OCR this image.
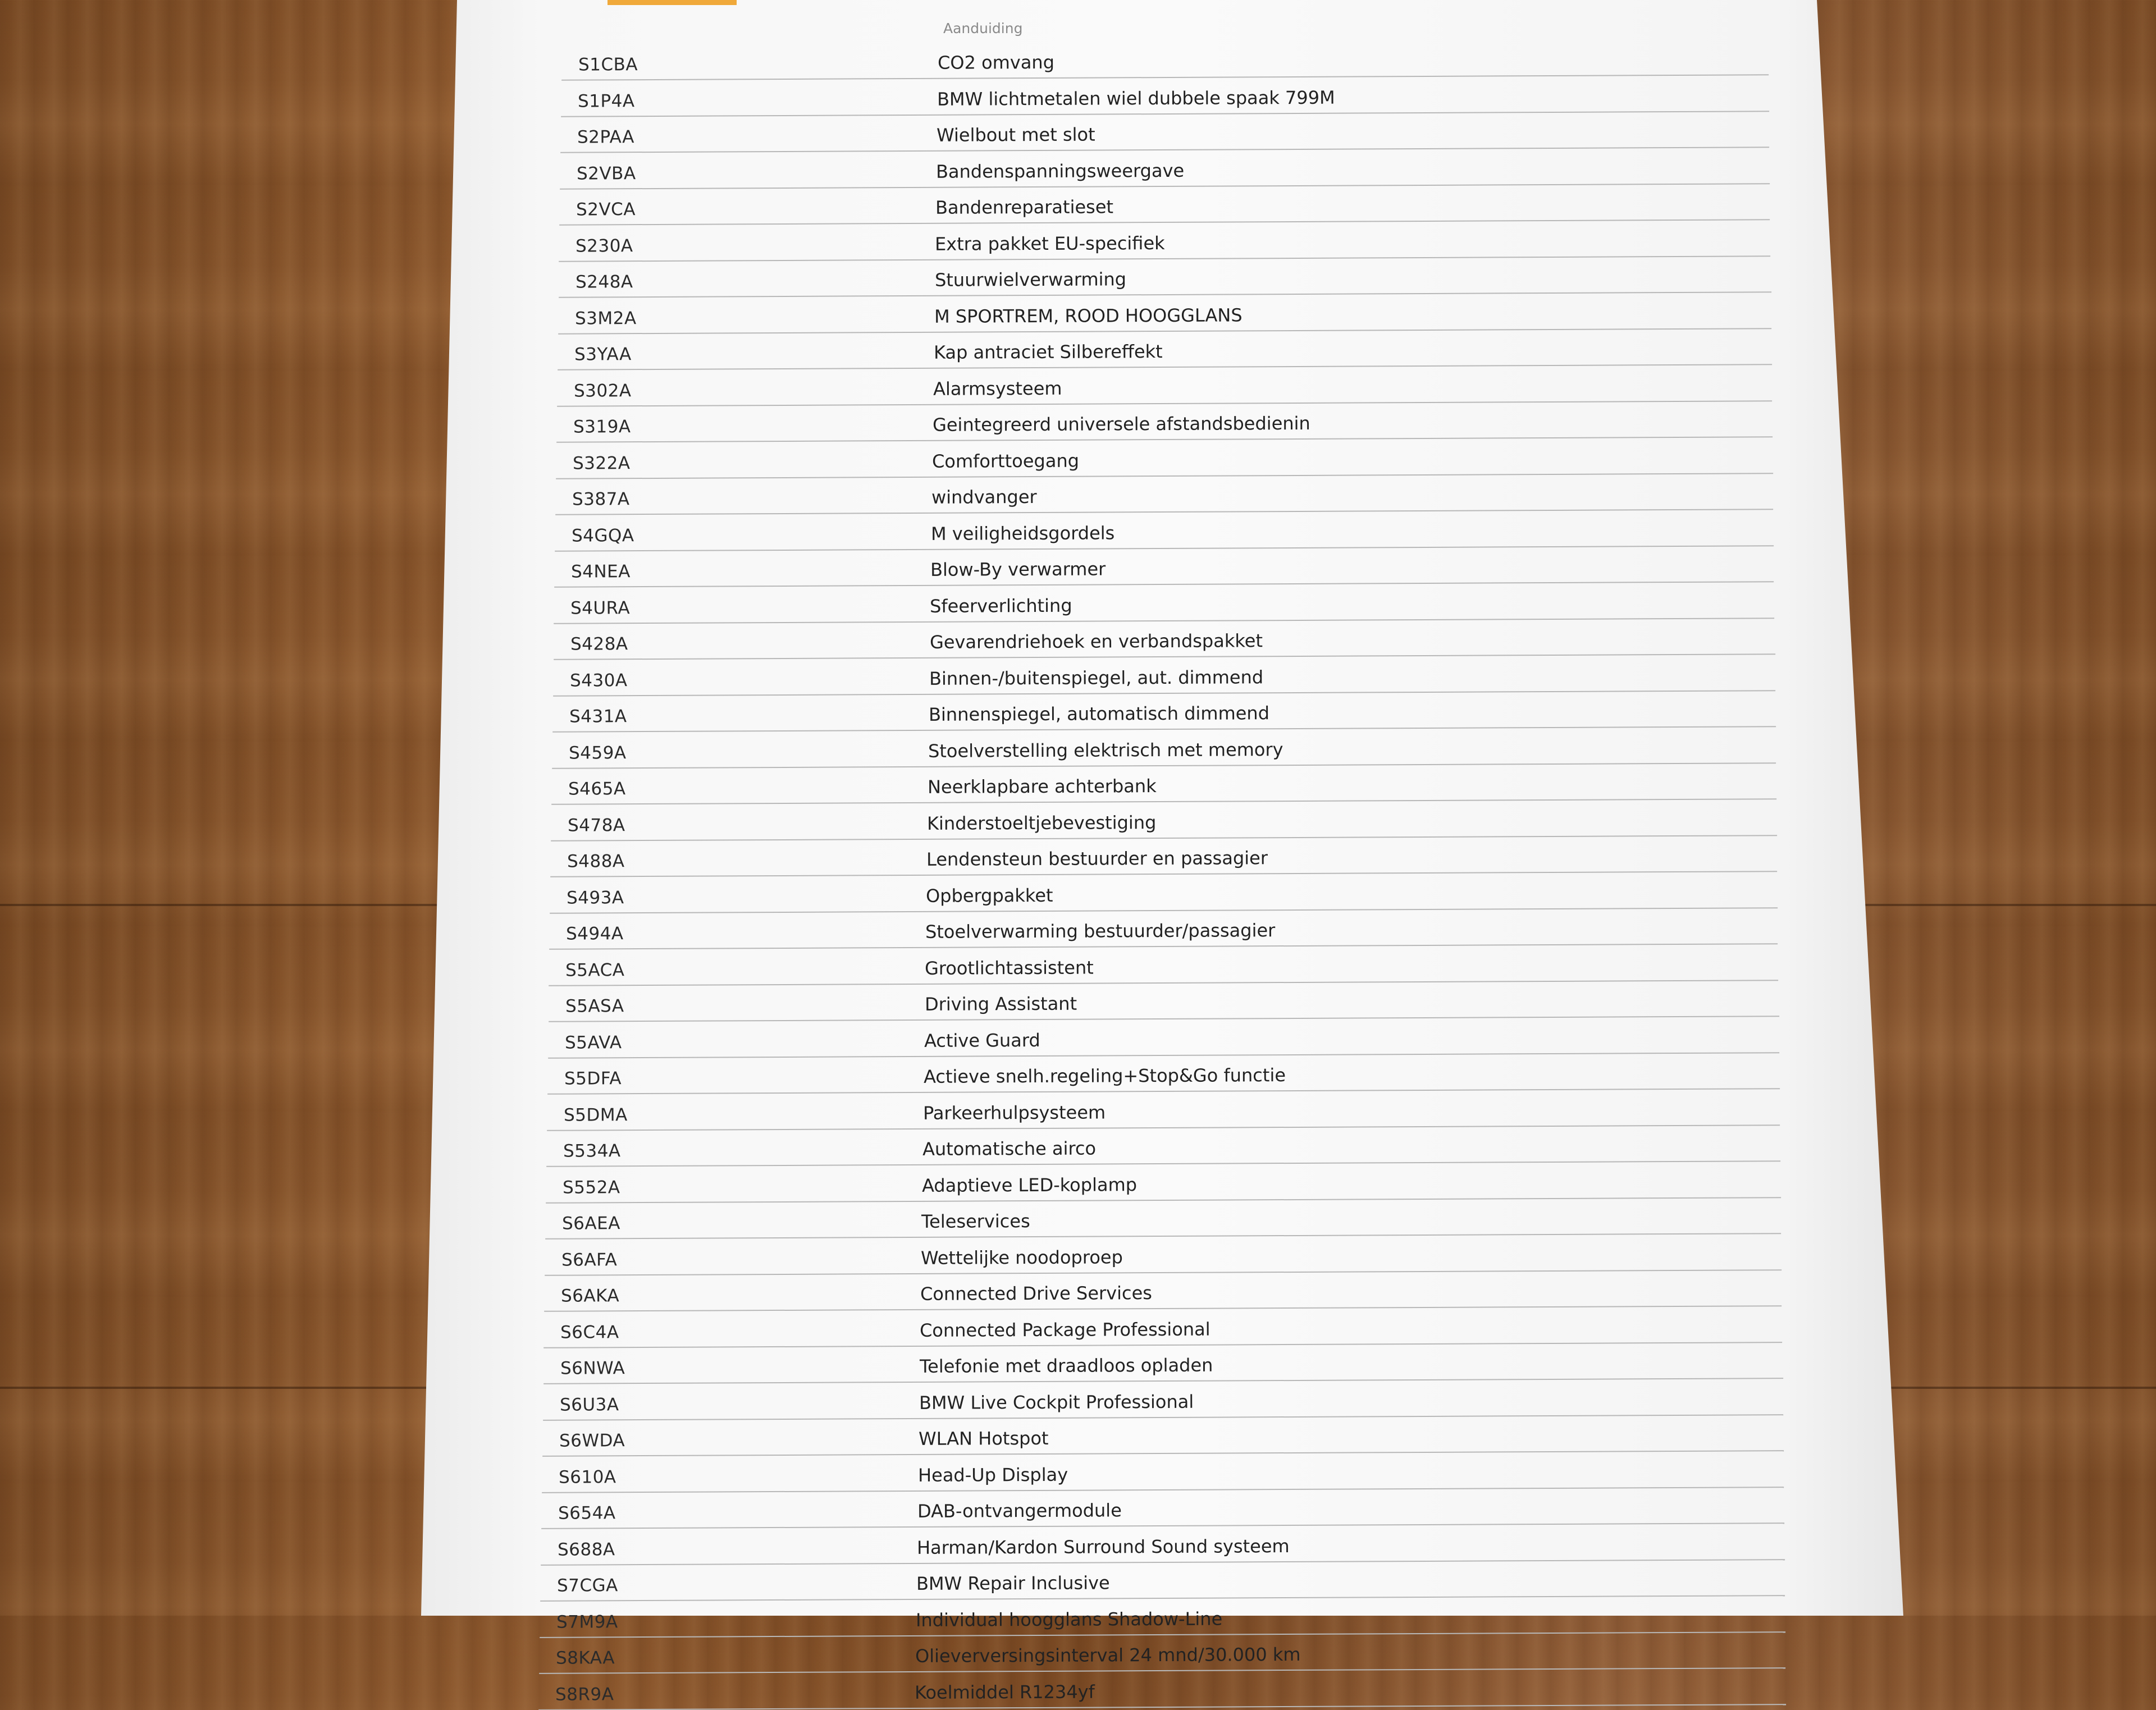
Aanduiding
S1CBA	CO2 omvang
S1P4A	BMW lichtmetalen wiel dubbele spaak 799M
S2PAA	Wielbout met slot
S2VBA	Bandenspanningsweergave
S2VCA	Bandenreparatieset
S230A	Extra pakket EU-specifiek
S248A	Stuurwielverwarming
S3M2A	M SPORTREM, ROOD HOOGGLANS
S3YAA	Kap antraciet Silbereffekt
S302A	Alarmsysteem
S319A	Geintegreerd universele afstandsbedienin
S322A	Comforttoegang
S387A	windvanger
S4GQA	M veiligheidsgordels
S4NEA	Blow-By verwarmer
S4URA	Sfeerverlichting
S428A	Gevarendriehoek en verbandspakket
S430A	Binnen-/buitenspiegel, aut. dimmend
S431A	Binnenspiegel, automatisch dimmend
S459A	Stoelverstelling elektrisch met memory
S465A	Neerklapbare achterbank
S478A	Kinderstoeltjebevestiging
S488A	Lendensteun bestuurder en passagier
S493A	Opbergpakket
S494A	Stoelverwarming bestuurder/passagier
S5ACA	Grootlichtassistent
S5ASA	Driving Assistant
S5AVA	Active Guard
S5DFA	Actieve snelh.regeling+Stop&Go functie
S5DMA	Parkeerhulpsysteem
S534A	Automatische airco
S552A	Adaptieve LED-koplamp
S6AEA	Teleservices
S6AFA	Wettelijke noodoproep
S6AKA	Connected Drive Services
S6C4A	Connected Package Professional
S6NWA	Telefonie met draadloos opladen
S6U3A	BMW Live Cockpit Professional
S6WDA	WLAN Hotspot
S610A	Head-Up Display
S654A	DAB-ontvangermodule
S688A	Harman/Kardon Surround Sound systeem
S7CGA	BMW Repair Inclusive
S7M9A	Individual hoogglans Shadow-Line
S8KAA	Olieverversingsinterval 24 mnd/30.000 km
S8R9A	Koelmiddel R1234yf
